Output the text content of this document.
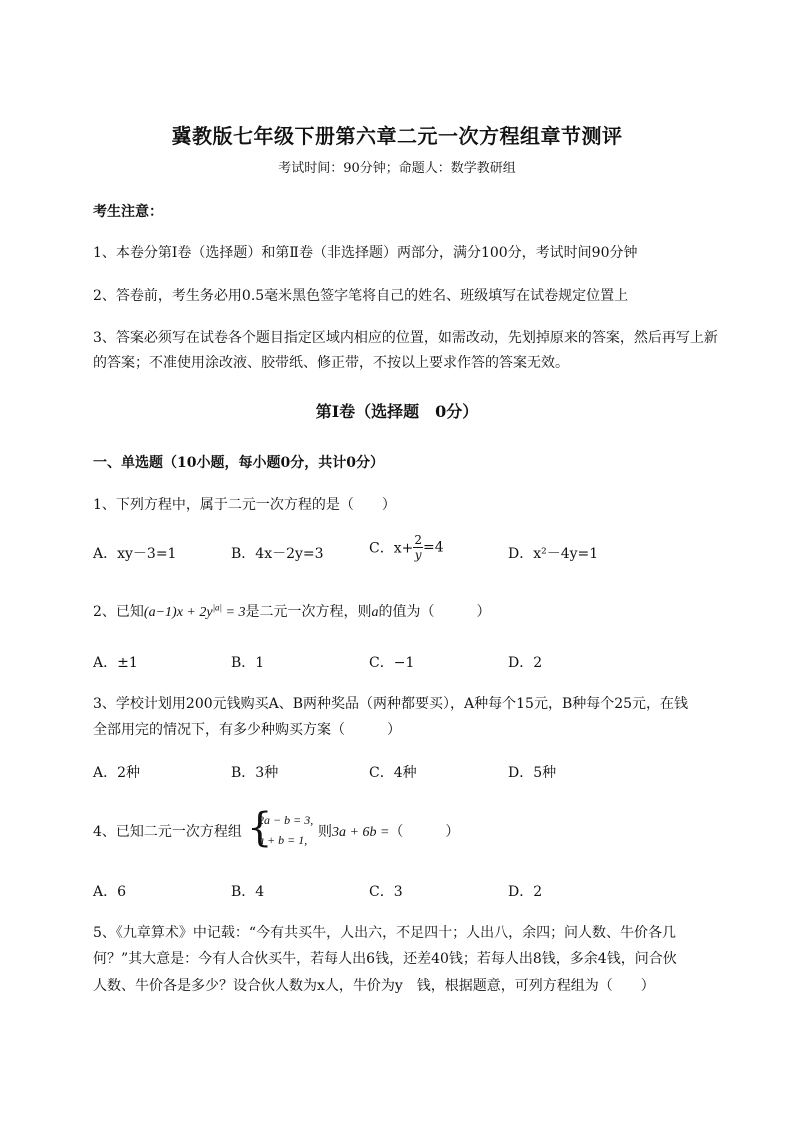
冀教版七年级下册第六章二元一次方程组章节测评
考试时间：90分钟；命题人：数学教研组
考生注意：
1、本卷分第I卷（选择题）和第Ⅱ卷（非选择题）两部分，满分100分，考试时间90分钟
2、答卷前，考生务必用0.5毫米黑色签字笔将自己的姓名、班级填写在试卷规定位置上
3、答案必须写在试卷各个题目指定区域内相应的位置，如需改动，先划掉原来的答案，然后再写上新
的答案；不准使用涂改液、胶带纸、修正带，不按以上要求作答的答案无效。
第I卷（选择题　0分）
一、单选题（10小题，每小题0分，共计0分）
1、下列方程中，属于二元一次方程的是（　　）
A．xy－3=1	B．4x－2y=3	C．$x+ \frac{2}{y} =4$	D．x²－4y=1
2、已知$(a-1)x + 2y^{|a|} = 3$是二元一次方程，则a的值为（　　　）
A．±1	B．1	C．−1	D．2
3、学校计划用200元钱购买A、B两种奖品（两种都要买），A种每个15元，B种每个25元，在钱
全部用完的情况下，有多少种购买方案（　　　）
A．2种	B．3种	C．4种	D．5种
4、已知二元一次方程组 {
2a − b = 3,
a + b = 1, 则3a + 6b =（　　　）
A．6	B．4	C．3	D．2
5、《九章算术》中记载：“今有共买牛，人出六，不足四十；人出八，余四；问人数、牛价各几
何？”其大意是：今有人合伙买牛，若每人出6钱，还差40钱；若每人出8钱，多余4钱，问合伙
人数、牛价各是多少？设合伙人数为x人，牛价为y　钱，根据题意，可列方程组为（　　）
